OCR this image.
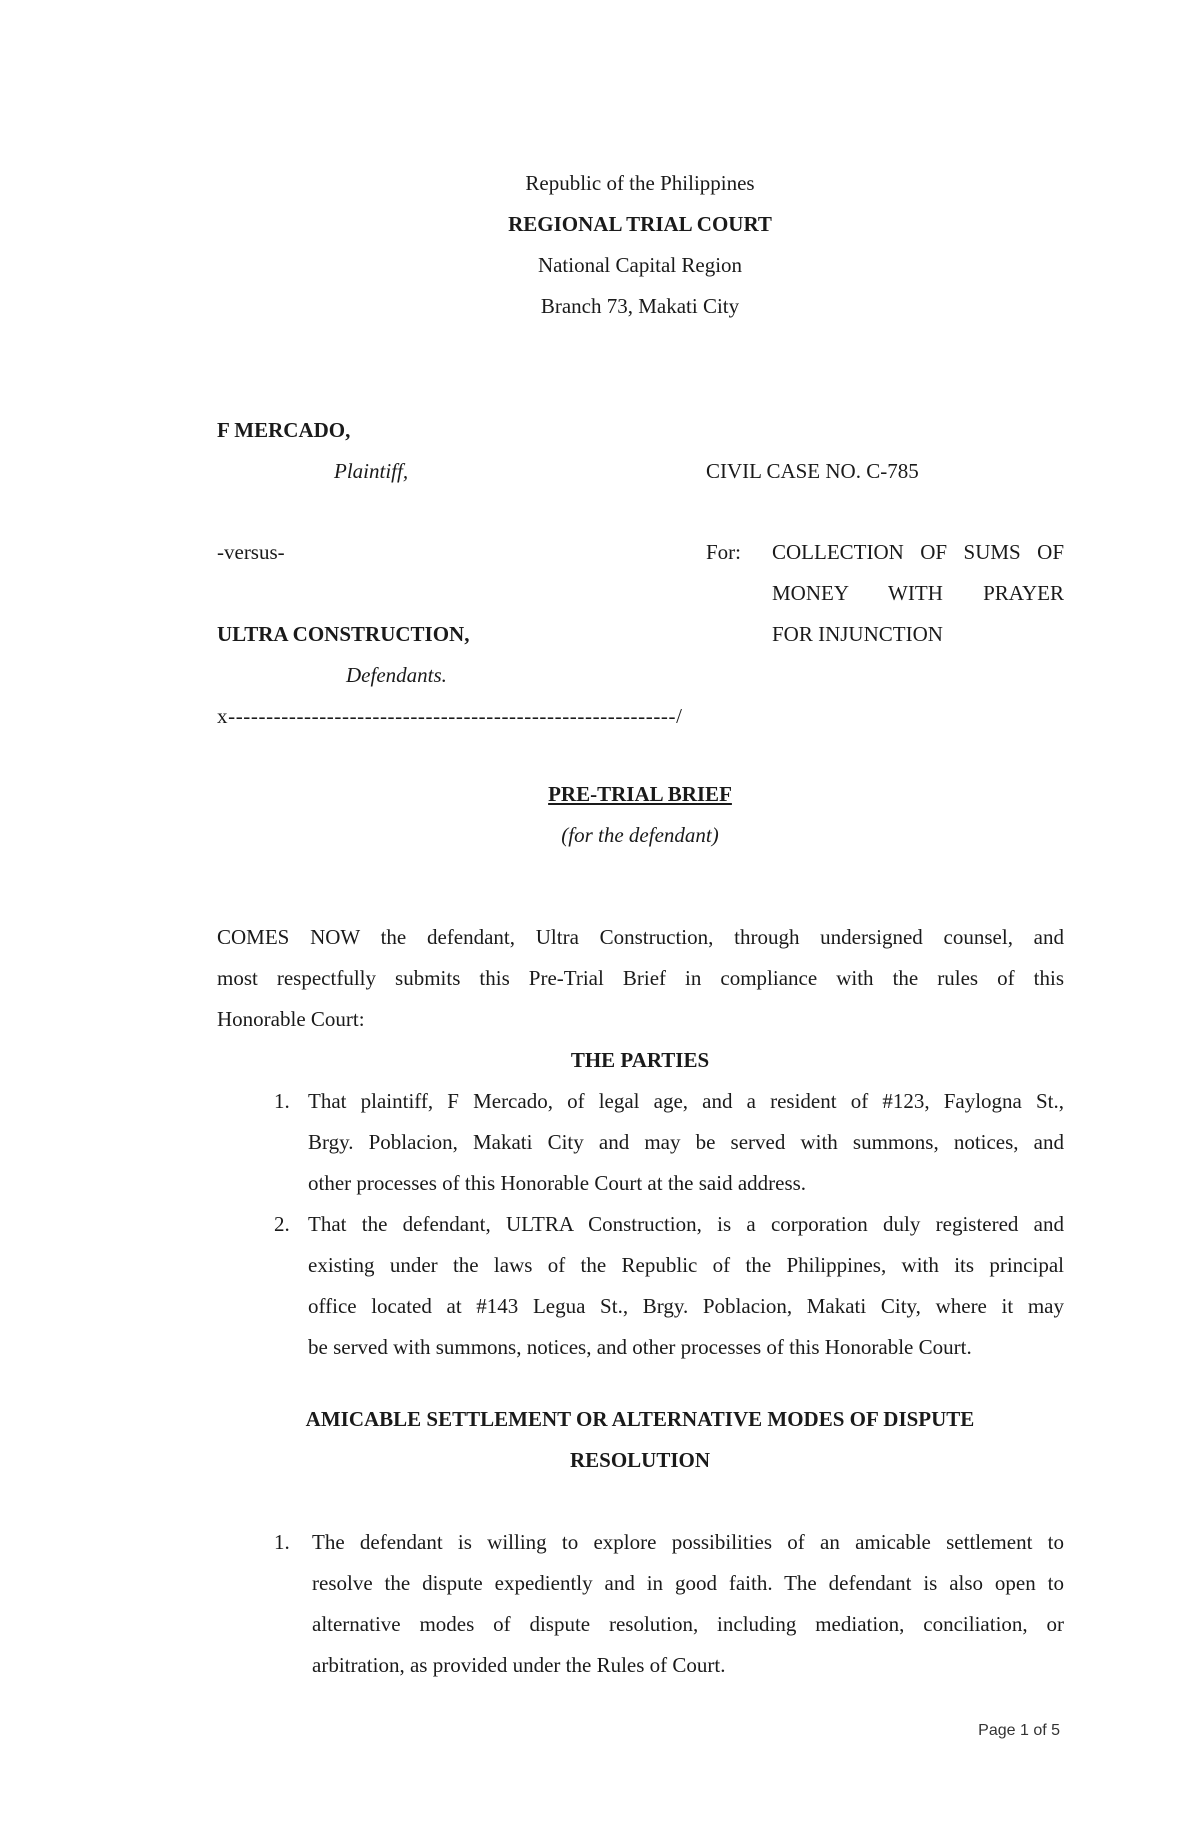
Republic of the Philippines
REGIONAL TRIAL COURT
National Capital Region
Branch 73, Makati City
F MERCADO,
Plaintiff,	CIVIL CASE NO. C-785
-versus-	For: COLLECTION OF SUMS OF
MONEY WITH PRAYER
FOR INJUNCTION
ULTRA CONSTRUCTION,
Defendants.
x-----------------------------------------------------------/
PRE-TRIAL BRIEF
(for the defendant)
COMES NOW the defendant, Ultra Construction, through undersigned counsel, and
most respectfully submits this Pre-Trial Brief in compliance with the rules of this
Honorable Court:
THE PARTIES
1. That plaintiff, F Mercado, of legal age, and a resident of #123, Faylogna St.,
Brgy. Poblacion, Makati City and may be served with summons, notices, and
other processes of this Honorable Court at the said address.
2. That the defendant, ULTRA Construction, is a corporation duly registered and
existing under the laws of the Republic of the Philippines, with its principal
office located at #143 Legua St., Brgy. Poblacion, Makati City, where it may
be served with summons, notices, and other processes of this Honorable Court.
AMICABLE SETTLEMENT OR ALTERNATIVE MODES OF DISPUTE
RESOLUTION
1. The defendant is willing to explore possibilities of an amicable settlement to
resolve the dispute expediently and in good faith. The defendant is also open to
alternative modes of dispute resolution, including mediation, conciliation, or
arbitration, as provided under the Rules of Court.
Page 1 of 5
